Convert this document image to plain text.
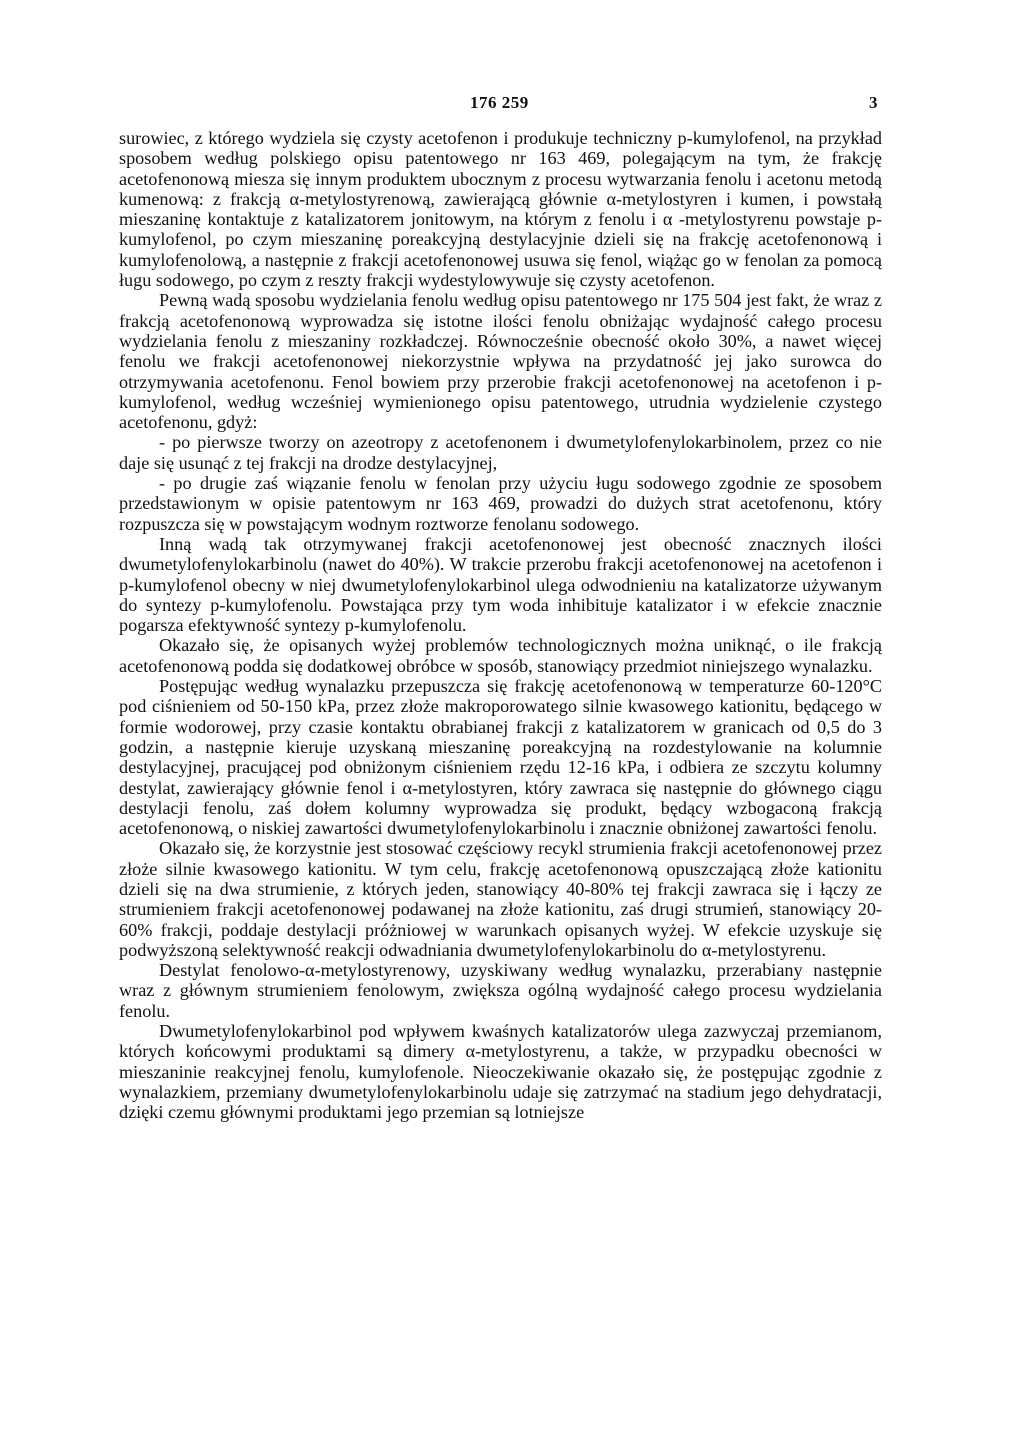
176 259	3

surowiec, z którego wydziela się czysty acetofenon i produkuje techniczny p-kumylofenol, na przykład sposobem według polskiego opisu patentowego nr 163 469, polegającym na tym, że frakcję acetofenonową miesza się innym produktem ubocznym z procesu wytwarzania fenolu i acetonu metodą kumenową: z frakcją α-metylostyrenową, zawierającą głównie α-metylostyren i kumen, i powstałą mieszaninę kontaktuje z katalizatorem jonitowym, na którym z fenolu i α -metylostyrenu powstaje p-kumylofenol, po czym mieszaninę poreakcyjną destylacyjnie dzieli się na frakcję acetofenonową i kumylofenolową, a następnie z frakcji acetofenonowej usuwa się fenol, wiążąc go w fenolan za pomocą ługu sodowego, po czym z reszty frakcji wydestylowywuje się czysty acetofenon.

Pewną wadą sposobu wydzielania fenolu według opisu patentowego nr 175 504 jest fakt, że wraz z frakcją acetofenonową wyprowadza się istotne ilości fenolu obniżając wydajność całego procesu wydzielania fenolu z mieszaniny rozkładczej. Równocześnie obecność około 30%, a nawet więcej fenolu we frakcji acetofenonowej niekorzystnie wpływa na przydatność jej jako surowca do otrzymywania acetofenonu. Fenol bowiem przy przerobie frakcji acetofenonowej na acetofenon i p-kumylofenol, według wcześniej wymienionego opisu patentowego, utrudnia wydzielenie czystego acetofenonu, gdyż:

- po pierwsze tworzy on azeotropy z acetofenonem i dwumetylofenylokarbinolem, przez co nie daje się usunąć z tej frakcji na drodze destylacyjnej,

- po drugie zaś wiązanie fenolu w fenolan przy użyciu ługu sodowego zgodnie ze sposobem przedstawionym w opisie patentowym nr 163 469, prowadzi do dużych strat acetofenonu, który rozpuszcza się w powstającym wodnym roztworze fenolanu sodowego.

Inną wadą tak otrzymywanej frakcji acetofenonowej jest obecność znacznych ilości dwumetylofenylokarbinolu (nawet do 40%). W trakcie przerobu frakcji acetofenonowej na acetofenon i p-kumylofenol obecny w niej dwumetylofenylokarbinol ulega odwodnieniu na katalizatorze używanym do syntezy p-kumylofenolu. Powstająca przy tym woda inhibituje katalizator i w efekcie znacznie pogarsza efektywność syntezy p-kumylofenolu.

Okazało się, że opisanych wyżej problemów technologicznych można uniknąć, o ile frakcją acetofenonową podda się dodatkowej obróbce w sposób, stanowiący przedmiot niniejszego wynalazku.

Postępując według wynalazku przepuszcza się frakcję acetofenonową w temperaturze 60-120°C pod ciśnieniem od 50-150 kPa, przez złoże makroporowatego silnie kwasowego kationitu, będącego w formie wodorowej, przy czasie kontaktu obrabianej frakcji z katalizatorem w granicach od 0,5 do 3 godzin, a następnie kieruje uzyskaną mieszaninę poreakcyjną na rozdestylowanie na kolumnie destylacyjnej, pracującej pod obniżonym ciśnieniem rzędu 12-16 kPa, i odbiera ze szczytu kolumny destylat, zawierający głównie fenol i α-metylostyren, który zawraca się następnie do głównego ciągu destylacji fenolu, zaś dołem kolumny wyprowadza się produkt, będący wzbogaconą frakcją acetofenonową, o niskiej zawartości dwumetylofenylokarbinolu i znacznie obniżonej zawartości fenolu.

Okazało się, że korzystnie jest stosować częściowy recykl strumienia frakcji acetofenonowej przez złoże silnie kwasowego kationitu. W tym celu, frakcję acetofenonową opuszczającą złoże kationitu dzieli się na dwa strumienie, z których jeden, stanowiący 40-80% tej frakcji zawraca się i łączy ze strumieniem frakcji acetofenonowej podawanej na złoże kationitu, zaś drugi strumień, stanowiący 20-60% frakcji, poddaje destylacji próżniowej w warunkach opisanych wyżej. W efekcie uzyskuje się podwyższoną selektywność reakcji odwadniania dwumetylofenylokarbinolu do α-metylostyrenu.

Destylat fenolowo-α-metylostyrenowy, uzyskiwany według wynalazku, przerabiany następnie wraz z głównym strumieniem fenolowym, zwiększa ogólną wydajność całego procesu wydzielania fenolu.

Dwumetylofenylokarbinol pod wpływem kwaśnych katalizatorów ulega zazwyczaj przemianom, których końcowymi produktami są dimery α-metylostyrenu, a także, w przypadku obecności w mieszaninie reakcyjnej fenolu, kumylofenole. Nieoczekiwanie okazało się, że postępując zgodnie z wynalazkiem, przemiany dwumetylofenylokarbinolu udaje się zatrzymać na stadium jego dehydratacji, dzięki czemu głównymi produktami jego przemian są lotniejsze
